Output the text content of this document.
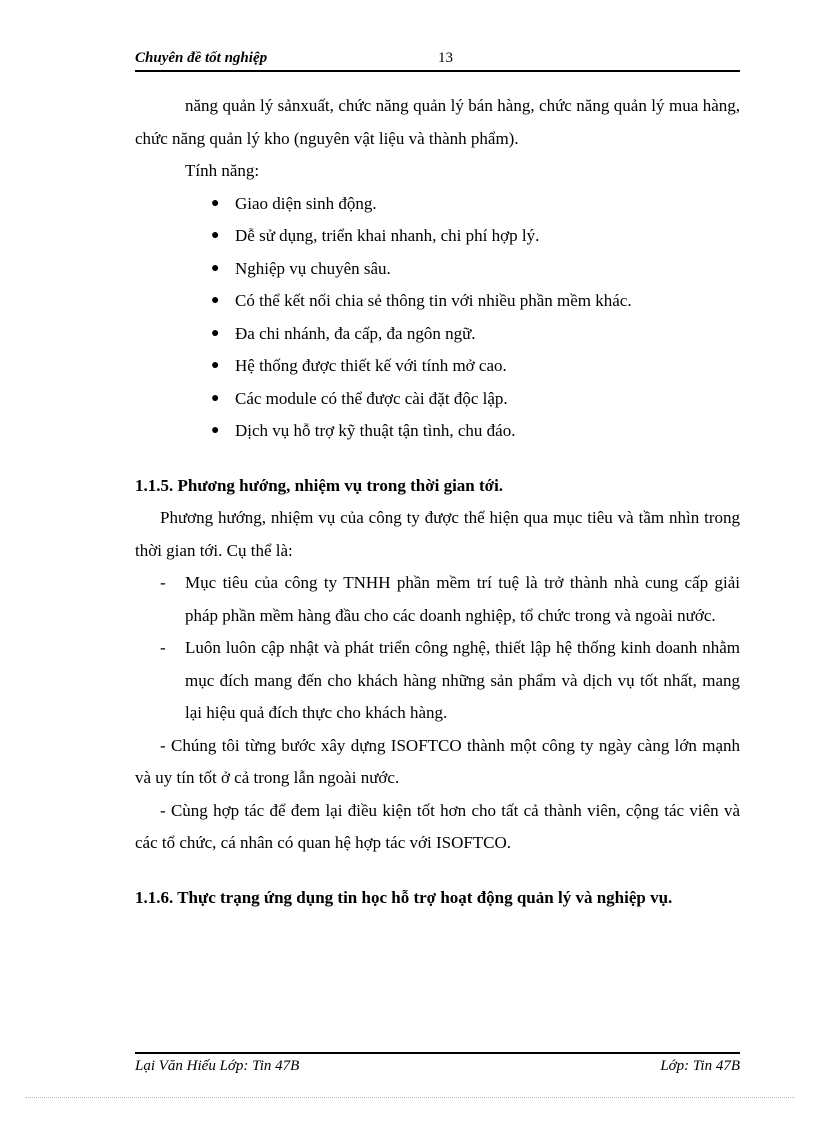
Chuyên đề tốt nghiệp	13

năng quản lý sảnxuất, chức năng quản lý bán hàng, chức năng quản lý mua hàng, chức năng quản lý kho (nguyên vật liệu và thành phẩm).

Tính năng:

● Giao diện sinh động.
● Dễ sử dụng, triển khai nhanh, chi phí hợp lý.
● Nghiệp vụ chuyên sâu.
● Có thể kết nối chia sẻ thông tin với nhiều phần mềm khác.
● Đa chi nhánh, đa cấp, đa ngôn ngữ.
● Hệ thống được thiết kế với tính mở cao.
● Các module có thể được cài đặt độc lập.
● Dịch vụ hỗ trợ kỹ thuật tận tình, chu đáo.

1.1.5. Phương hướng, nhiệm vụ trong thời gian tới.

Phương hướng, nhiệm vụ của công ty được thể hiện qua mục tiêu và tầm nhìn trong thời gian tới. Cụ thể là:

- Mục tiêu của công ty TNHH phần mềm trí tuệ là trở thành nhà cung cấp giải pháp phần mềm hàng đầu cho các doanh nghiệp, tổ chức trong và ngoài nước.
- Luôn luôn cập nhật và phát triển công nghệ, thiết lập hệ thống kinh doanh nhằm mục đích mang đến cho khách hàng những sản phẩm và dịch vụ tốt nhất, mang lại hiệu quả đích thực cho khách hàng.

- Chúng tôi từng bước xây dựng ISOFTCO thành một công ty ngày càng lớn mạnh và uy tín tốt ở cả trong lẫn ngoài nước.

- Cùng hợp tác để đem lại điều kiện tốt hơn cho tất cả thành viên, cộng tác viên và các tổ chức, cá nhân có quan hệ hợp tác với ISOFTCO.

1.1.6. Thực trạng ứng dụng tin học hỗ trợ hoạt động quản lý và nghiệp vụ.

Lại Văn Hiếu Lớp: Tin 47B	Lớp: Tin 47B
